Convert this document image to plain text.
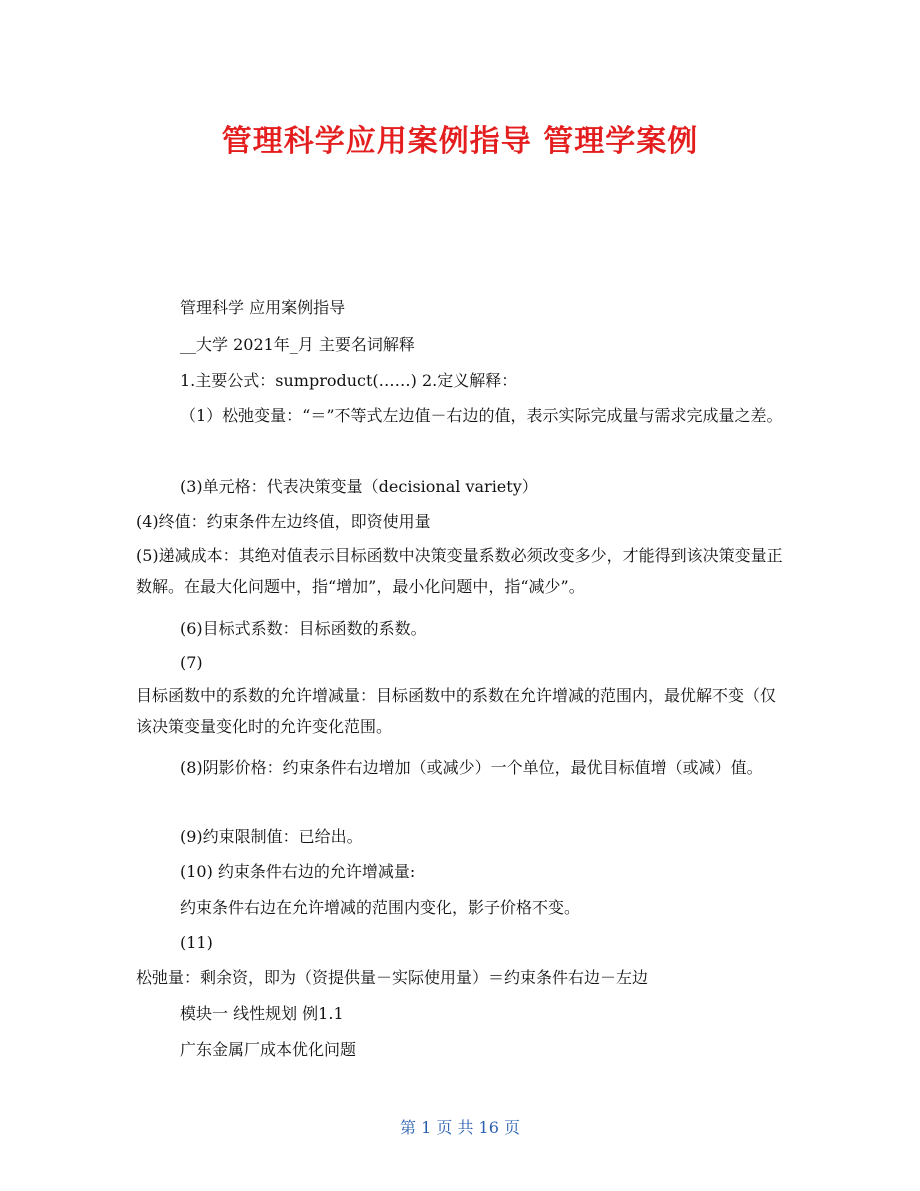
管理科学应用案例指导 管理学案例
管理科学 应用案例指导
__大学 2021年_月 主要名词解释
1.主要公式：sumproduct(……) 2.定义解释：
（1）松弛变量：“＝”不等式左边值－右边的值，表示实际完成量与需求完成量之差。
(3)单元格：代表决策变量（decisional variety）
(4)终值：约束条件左边终值，即资使用量
(5)递减成本：其绝对值表示目标函数中决策变量系数必须改变多少，才能得到该决策变量正数解。在最大化问题中，指“增加”，最小化问题中，指“减少”。
(6)目标式系数：目标函数的系数。
(7)
目标函数中的系数的允许增减量：目标函数中的系数在允许增减的范围内，最优解不变（仅该决策变量变化时的允许变化范围。
(8)阴影价格：约束条件右边增加（或减少）一个单位，最优目标值增（或减）值。
(9)约束限制值：已给出。
(10) 约束条件右边的允许增减量:
约束条件右边在允许增减的范围内变化，影子价格不变。
(11)
松弛量：剩余资，即为（资提供量－实际使用量）＝约束条件右边－左边
模块一 线性规划 例1.1
广东金属厂成本优化问题
第 1 页 共 16 页
